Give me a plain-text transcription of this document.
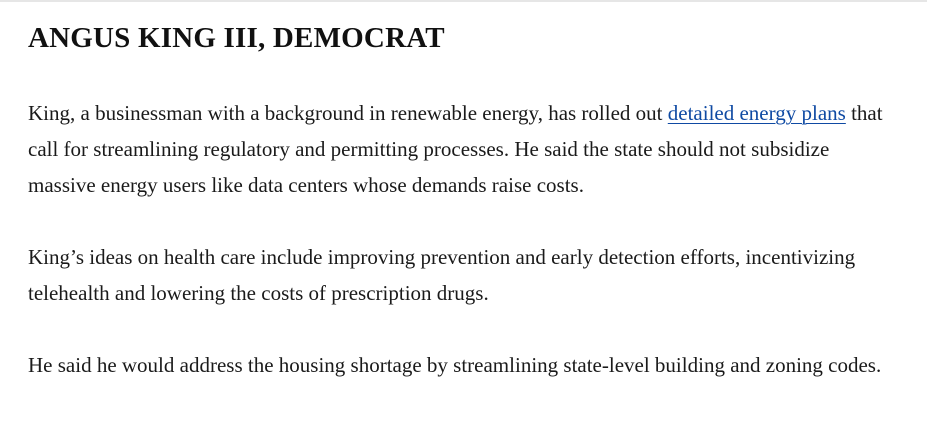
ANGUS KING III, DEMOCRAT

King, a businessman with a background in renewable energy, has rolled out detailed energy plans that call for streamlining regulatory and permitting processes. He said the state should not subsidize massive energy users like data centers whose demands raise costs.

King’s ideas on health care include improving prevention and early detection efforts, incentivizing telehealth and lowering the costs of prescription drugs.

He said he would address the housing shortage by streamlining state-level building and zoning codes.
